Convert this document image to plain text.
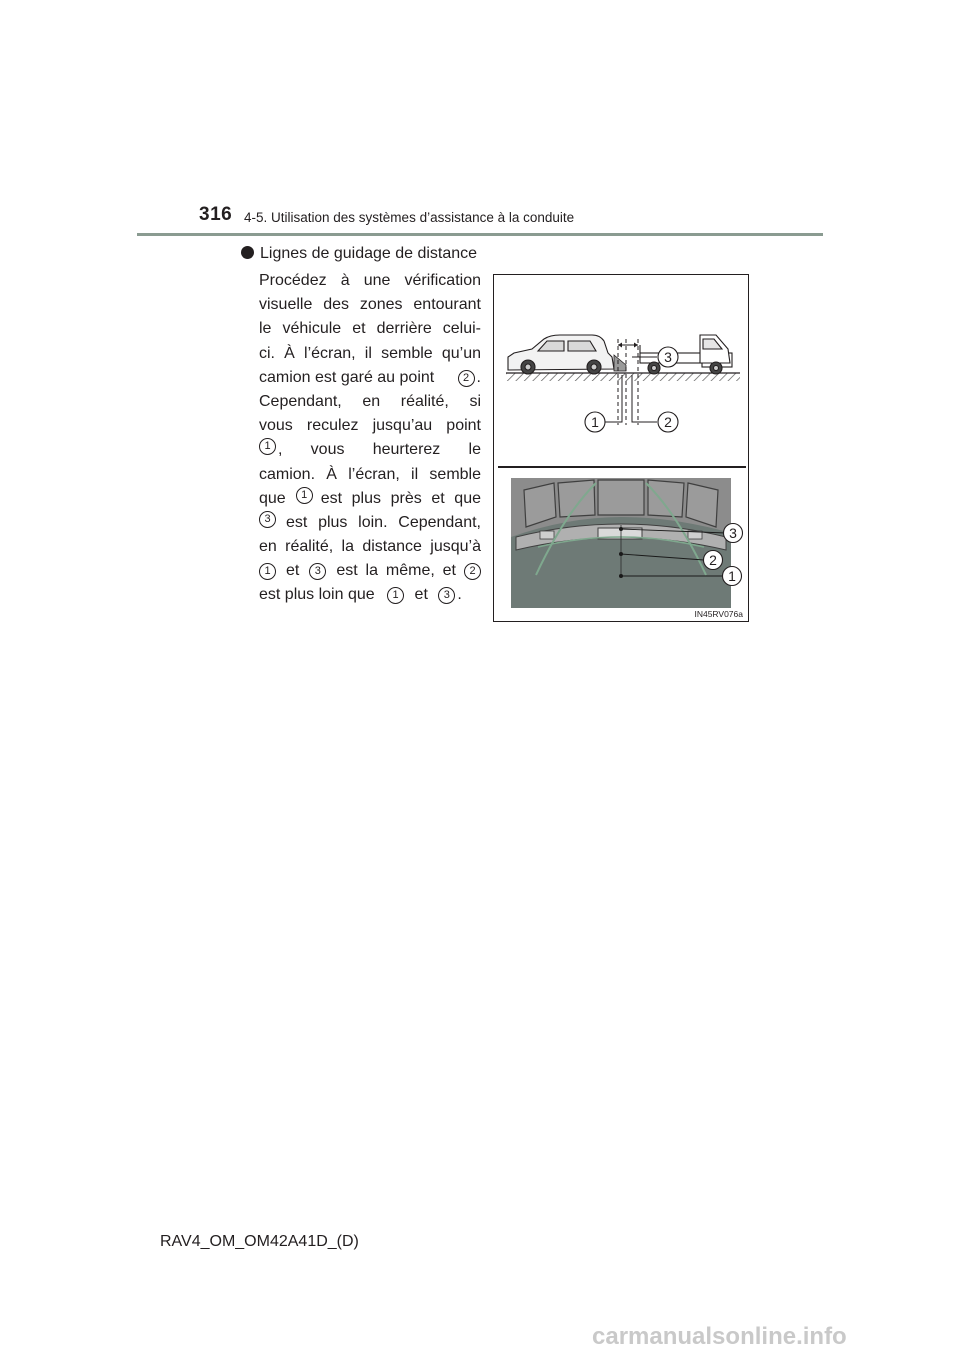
316 4-5. Utilisation des systèmes d’assistance à la conduite
Lignes de guidage de distance
Procédez à une vérification
visuelle des zones entourant
le véhicule et derrière celui-
ci. À l’écran, il semble qu’un
camion est garé au point	2 .
Cependant, en réalité, si
vous reculez jusqu’au point
1 , vous heurterez le
camion. À l’écran, il semble
que	1 est plus près et que
3 est plus loin. Cependant,
en réalité, la distance jusqu’à
1 et	3 est la même, et	2
est plus loin que 1 et 3 .
3
1	2
3
2
1
IN45RV076a
RAV4_OM_OM42A41D_(D)
carmanualsonline.info
